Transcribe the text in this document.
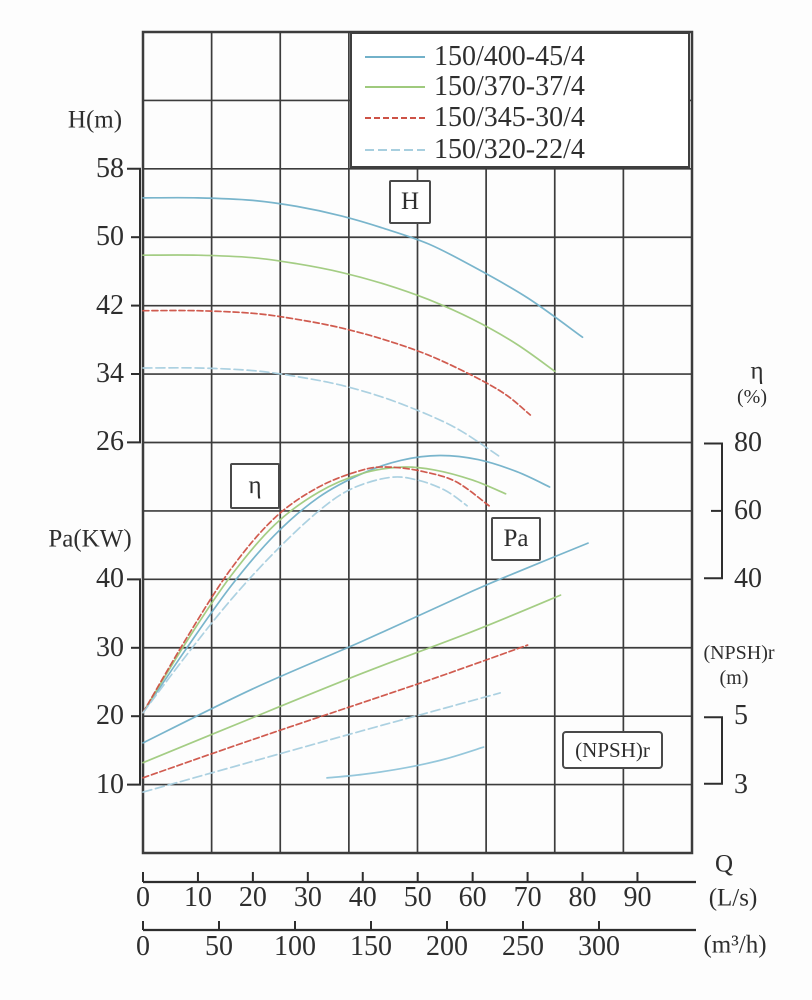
H(m)
58
50
42
34
26
Pa(KW)
40
30
20
10
η
(%)
80
60
40
(NPSH)r
(m)
5
3
Q
(L/s)
(m³/h)
0 10 20 30 40 50 60 70 80 90
0 50 100 150 200 250 300
H
η
Pa
(NPSH)r
150/400-45/4
150/370-37/4
150/345-30/4
150/320-22/4
